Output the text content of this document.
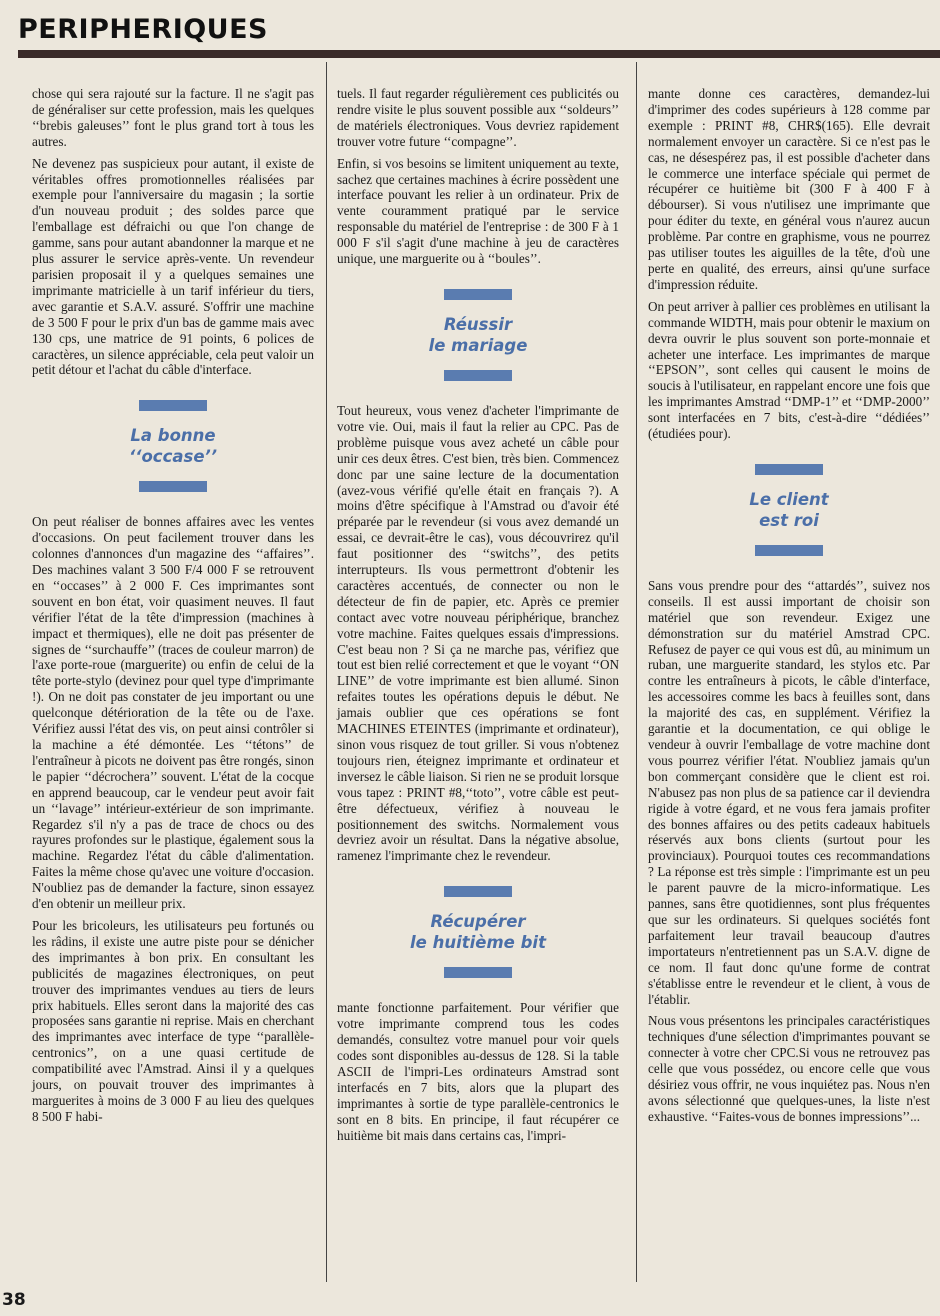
PERIPHERIQUES

chose qui sera rajouté sur la facture. Il ne s'agit pas de généraliser sur cette profession, mais les quelques ‘‘brebis galeuses’’ font le plus grand tort à tous les autres.

Ne devenez pas suspicieux pour autant, il existe de véritables offres promotionnelles réalisées par exemple pour l'anniversaire du magasin ; la sortie d'un nouveau produit ; des soldes parce que l'emballage est défraichi ou que l'on change de gamme, sans pour autant abandonner la marque et ne plus assurer le service après-vente. Un revendeur parisien proposait il y a quelques semaines une imprimante matricielle à un tarif inférieur du tiers, avec garantie et S.A.V. assuré. S'offrir une machine de 3 500 F pour le prix d'un bas de gamme mais avec 130 cps, une matrice de 91 points, 6 polices de caractères, un silence appréciable, cela peut valoir un petit détour et l'achat du câble d'interface.

La bonne
‘‘occase’’

On peut réaliser de bonnes affaires avec les ventes d'occasions. On peut facilement trouver dans les colonnes d'annonces d'un magazine des ‘‘affaires’’. Des machines valant 3 500 F/4 000 F se retrouvent en ‘‘occases’’ à 2 000 F. Ces imprimantes sont souvent en bon état, voir quasiment neuves. Il faut vérifier l'état de la tête d'impression (machines à impact et thermiques), elle ne doit pas présenter de signes de ‘‘surchauffe’’ (traces de couleur marron) de l'axe porte-roue (marguerite) ou enfin de celui de la tête porte-stylo (devinez pour quel type d'imprimante !). On ne doit pas constater de jeu important ou une quelconque détérioration de la tête ou de l'axe. Vérifiez aussi l'état des vis, on peut ainsi contrôler si la machine a été démontée. Les ‘‘tétons’’ de l'entraîneur à picots ne doivent pas être rongés, sinon le papier ‘‘décrochera’’ souvent. L'état de la cocque en apprend beaucoup, car le vendeur peut avoir fait un ‘‘lavage’’ intérieur-extérieur de son imprimante. Regardez s'il n'y a pas de trace de chocs ou des rayures profondes sur le plastique, également sous la machine. Regardez l'état du câble d'alimentation. Faites la même chose qu'avec une voiture d'occasion. N'oubliez pas de demander la facture, sinon essayez d'en obtenir un meilleur prix.

Pour les bricoleurs, les utilisateurs peu fortunés ou les râdins, il existe une autre piste pour se dénicher des imprimantes à bon prix. En consultant les publicités de magazines électroniques, on peut trouver des imprimantes vendues au tiers de leurs prix habituels. Elles seront dans la majorité des cas proposées sans garantie ni reprise. Mais en cherchant des imprimantes avec interface de type ‘‘parallèle-centronics’’, on a une quasi certitude de compatibilité avec l'Amstrad. Ainsi il y a quelques jours, on pouvait trouver des imprimantes à marguerites à moins de 3 000 F au lieu des quelques 8 500 F habi-

tuels. Il faut regarder régulièrement ces publicités ou rendre visite le plus souvent possible aux ‘‘soldeurs’’ de matériels électroniques. Vous devriez rapidement trouver votre future ‘‘compagne’’.

Enfin, si vos besoins se limitent uniquement au texte, sachez que certaines machines à écrire possèdent une interface pouvant les relier à un ordinateur. Prix de vente couramment pratiqué par le service responsable du matériel de l'entreprise : de 300 F à 1 000 F s'il s'agit d'une machine à jeu de caractères unique, une marguerite ou à ‘‘boules’’.

Réussir
le mariage

Tout heureux, vous venez d'acheter l'imprimante de votre vie. Oui, mais il faut la relier au CPC. Pas de problème puisque vous avez acheté un câble pour unir ces deux êtres. C'est bien, très bien. Commencez donc par une saine lecture de la documentation (avez-vous vérifié qu'elle était en français ?). A moins d'être spécifique à l'Amstrad ou d'avoir été préparée par le revendeur (si vous avez demandé un essai, ce devrait-être le cas), vous découvrirez qu'il faut positionner des ‘‘switchs’’, des petits interrupteurs. Ils vous permettront d'obtenir les caractères accentués, de connecter ou non le détecteur de fin de papier, etc. Après ce premier contact avec votre nouveau périphérique, branchez votre machine. Faites quelques essais d'impressions. C'est beau non ? Si ça ne marche pas, vérifiez que tout est bien relié correctement et que le voyant ‘‘ON LINE’’ de votre imprimante est bien allumé. Sinon refaites toutes les opérations depuis le début. Ne jamais oublier que ces opérations se font MACHINES ETEINTES (imprimante et ordinateur), sinon vous risquez de tout griller. Si vous n'obtenez toujours rien, éteignez imprimante et ordinateur et inversez le câble liaison. Si rien ne se produit lorsque vous tapez : PRINT #8,‘‘toto’’, votre câble est peut-être défectueux, vérifiez à nouveau le positionnement des switchs. Normalement vous devriez avoir un résultat. Dans la négative absolue, ramenez l'imprimante chez le revendeur.

Récupérer
le huitième bit

mante fonctionne parfaitement. Pour vérifier que votre imprimante comprend tous les codes demandés, consultez votre manuel pour voir quels codes sont disponibles au-dessus de 128. Si la table ASCII de l'impri-Les ordinateurs Amstrad sont interfacés en 7 bits, alors que la plupart des imprimantes à sortie de type parallèle-centronics le sont en 8 bits. En principe, il faut récupérer ce huitième bit mais dans certains cas, l'impri-

mante donne ces caractères, demandez-lui d'imprimer des codes supérieurs à 128 comme par exemple : PRINT #8, CHR$(165). Elle devrait normalement envoyer un caractère. Si ce n'est pas le cas, ne désespérez pas, il est possible d'acheter dans le commerce une interface spéciale qui permet de récupérer ce huitième bit (300 F à 400 F à débourser). Si vous n'utilisez une imprimante que pour éditer du texte, en général vous n'aurez aucun problème. Par contre en graphisme, vous ne pourrez pas utiliser toutes les aiguilles de la tête, d'où une perte en qualité, des erreurs, ainsi qu'une surface d'impression réduite.

On peut arriver à pallier ces problèmes en utilisant la commande WIDTH, mais pour obtenir le maxium on devra ouvrir le plus souvent son porte-monnaie et acheter une interface. Les imprimantes de marque ‘‘EPSON’’, sont celles qui causent le moins de soucis à l'utilisateur, en rappelant encore une fois que les imprimantes Amstrad ‘‘DMP-1’’ et ‘‘DMP-2000’’ sont interfacées en 7 bits, c'est-à-dire ‘‘dédiées’’ (étudiées pour).

Le client
est roi

Sans vous prendre pour des ‘‘attardés’’, suivez nos conseils. Il est aussi important de choisir son matériel que son revendeur. Exigez une démonstration sur du matériel Amstrad CPC. Refusez de payer ce qui vous est dû, au minimum un ruban, une marguerite standard, les stylos etc. Par contre les entraîneurs à picots, le câble d'interface, les accessoires comme les bacs à feuilles sont, dans la majorité des cas, en supplément. Vérifiez la garantie et la documentation, ce qui oblige le vendeur à ouvrir l'emballage de votre machine dont vous pourrez vérifier l'état. N'oubliez jamais qu'un bon commerçant considère que le client est roi. N'abusez pas non plus de sa patience car il deviendra rigide à votre égard, et ne vous fera jamais profiter des bonnes affaires ou des petits cadeaux habituels réservés aux bons clients (surtout pour les provinciaux). Pourquoi toutes ces recommandations ? La réponse est très simple : l'imprimante est un peu le parent pauvre de la micro-informatique. Les pannes, sans être quotidiennes, sont plus fréquentes que sur les ordinateurs. Si quelques sociétés font parfaitement leur travail beaucoup d'autres importateurs n'entretiennent pas un S.A.V. digne de ce nom. Il faut donc qu'une forme de contrat s'établisse entre le revendeur et le client, à vous de l'établir.

Nous vous présentons les principales caractéristiques techniques d'une sélection d'imprimantes pouvant se connecter à votre cher CPC.Si vous ne retrouvez pas celle que vous possédez, ou encore celle que vous désiriez vous offrir, ne vous inquiétez pas. Nous n'en avons sélectionné que quelques-unes, la liste n'est exhaustive. ‘‘Faites-vous de bonnes impressions’’...

38
